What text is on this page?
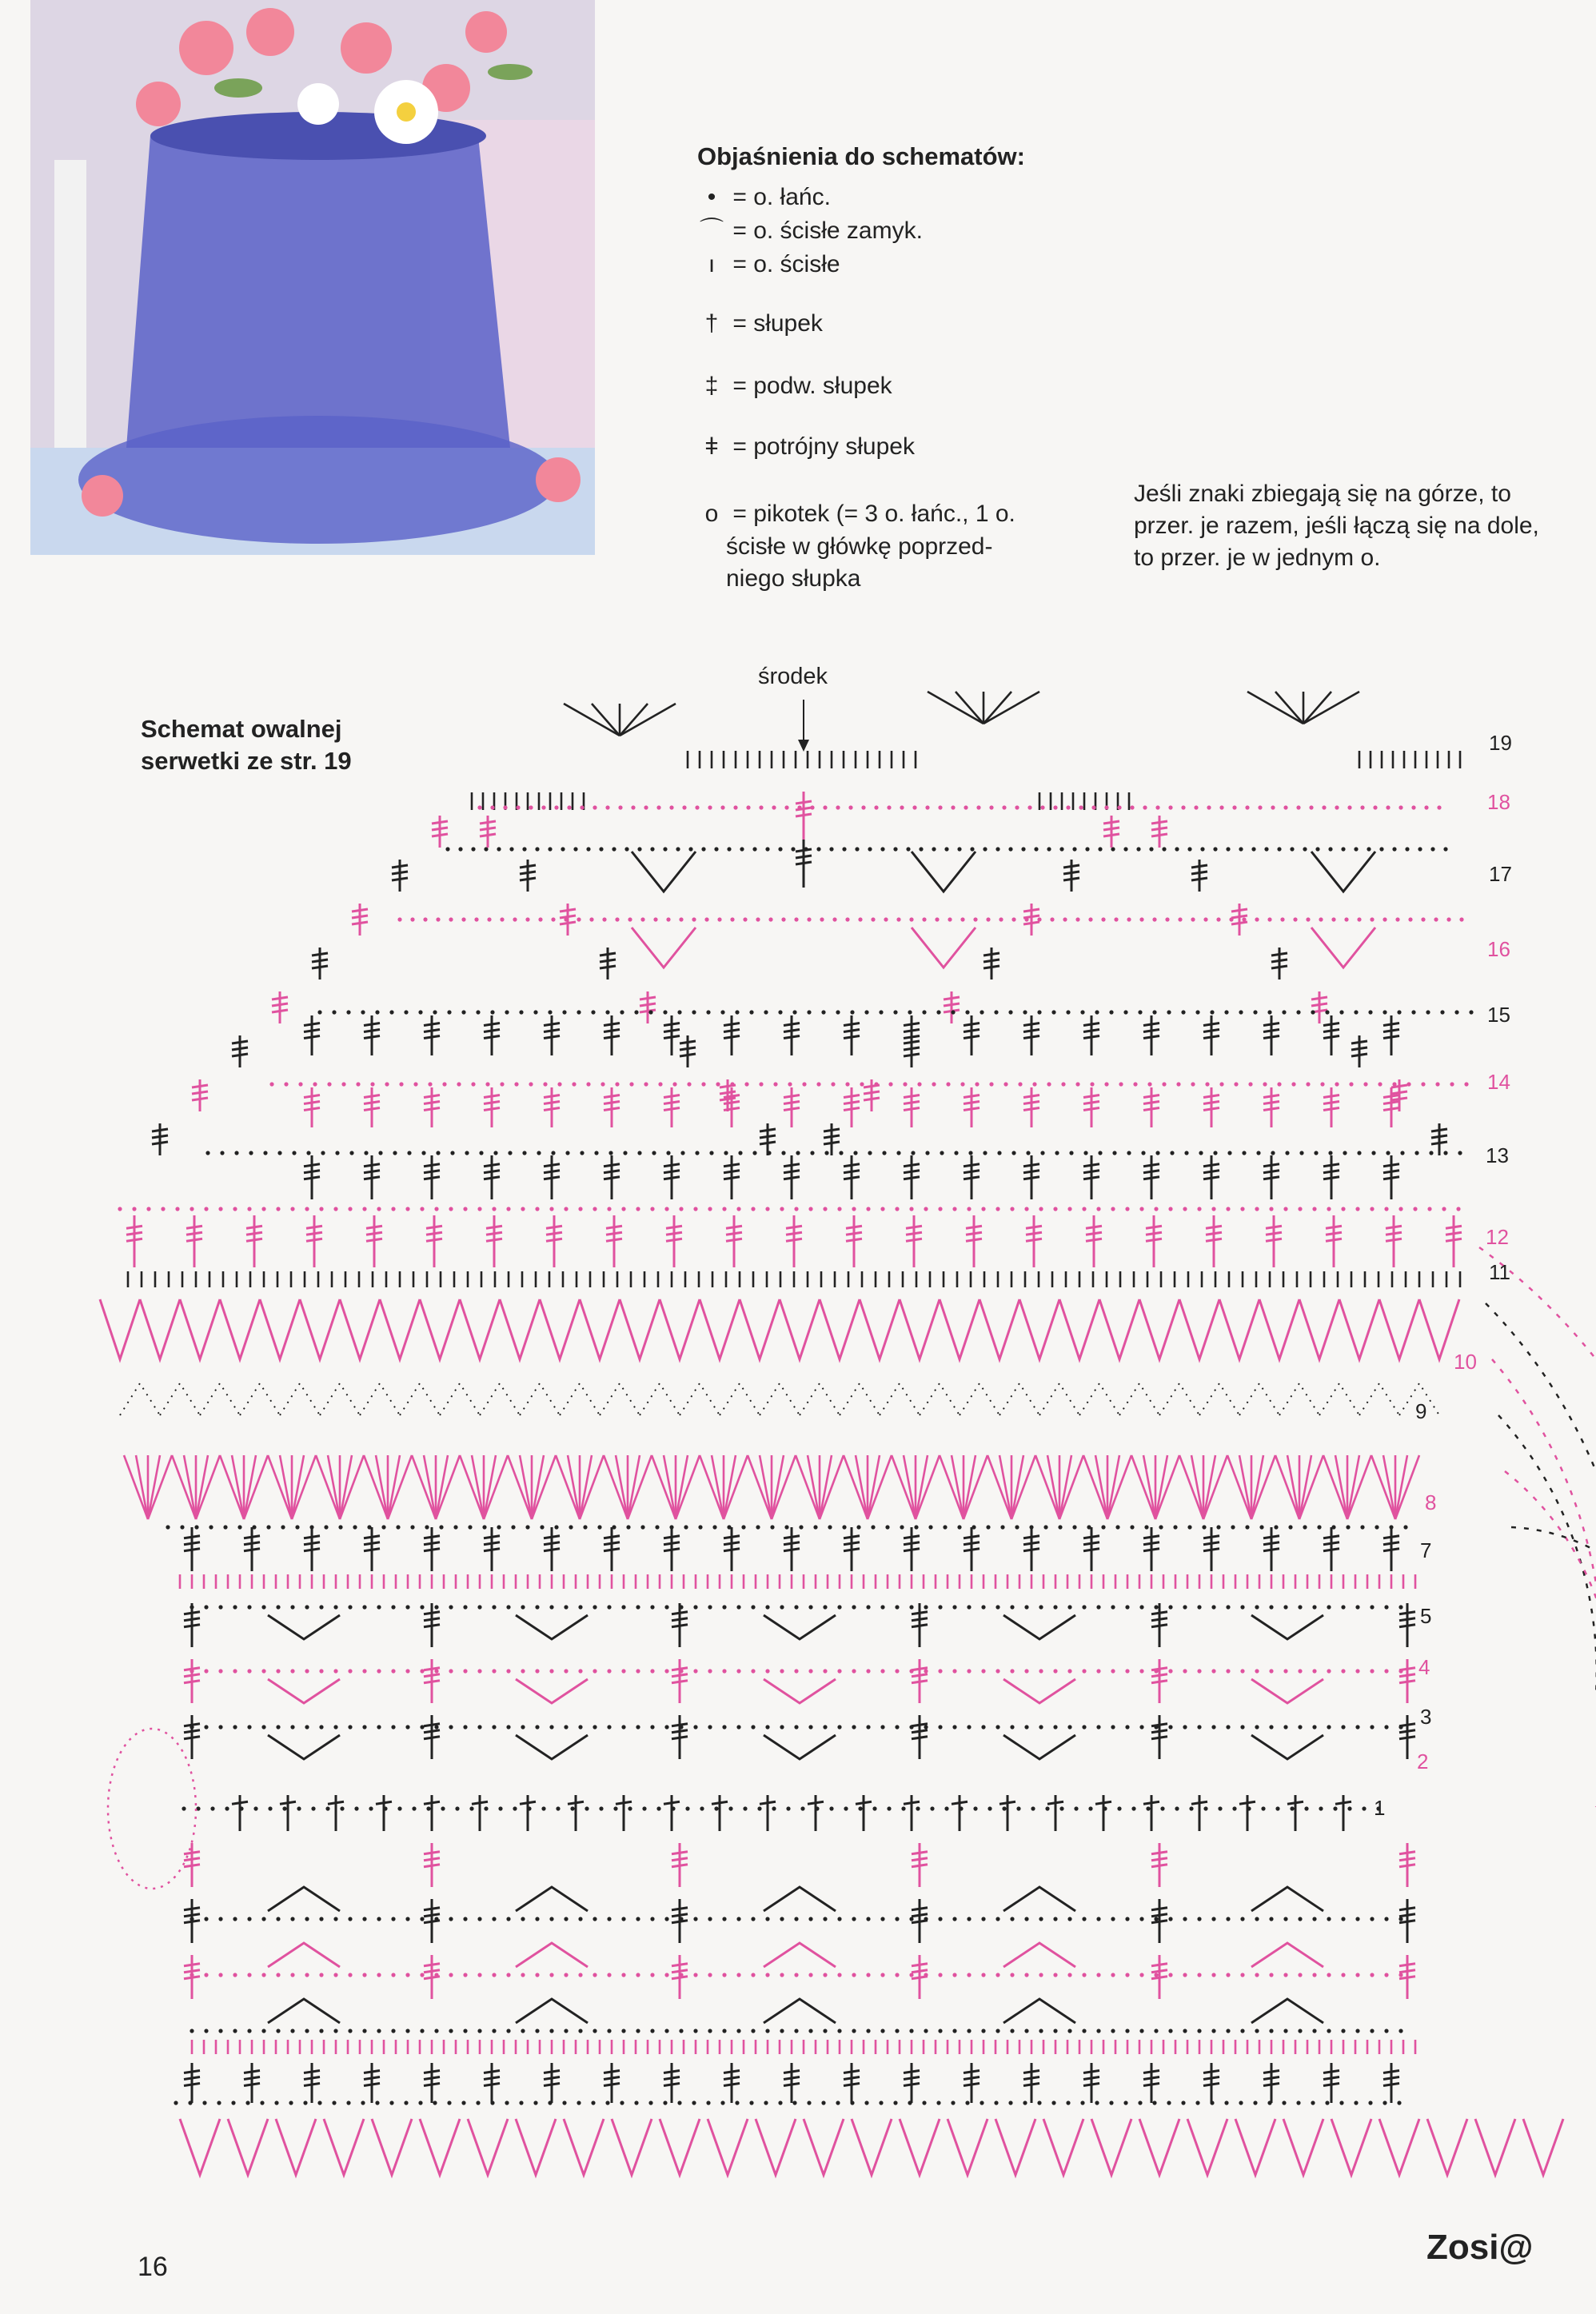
Objaśnienia do schematów:
• = o. łańc.
⌒ = o. ścisłe zamyk.
ı = o. ścisłe
† = słupek
‡ = podw. słupek
ǂ = potrójny słupek
o = pikotek (= 3 o. łańc., 1 o.
ścisłe w główkę poprzed-
niego słupka
Jeśli znaki zbiegają się na górze, to
przer. je razem, jeśli łączą się na dole,
to przer. je w jednym o.
Schemat owalnej
serwetki ze str. 19
środek
19
18
17
16
15
14
13
12
11
10
9
8
7
5
4
3
2
1
16	Zosi@
